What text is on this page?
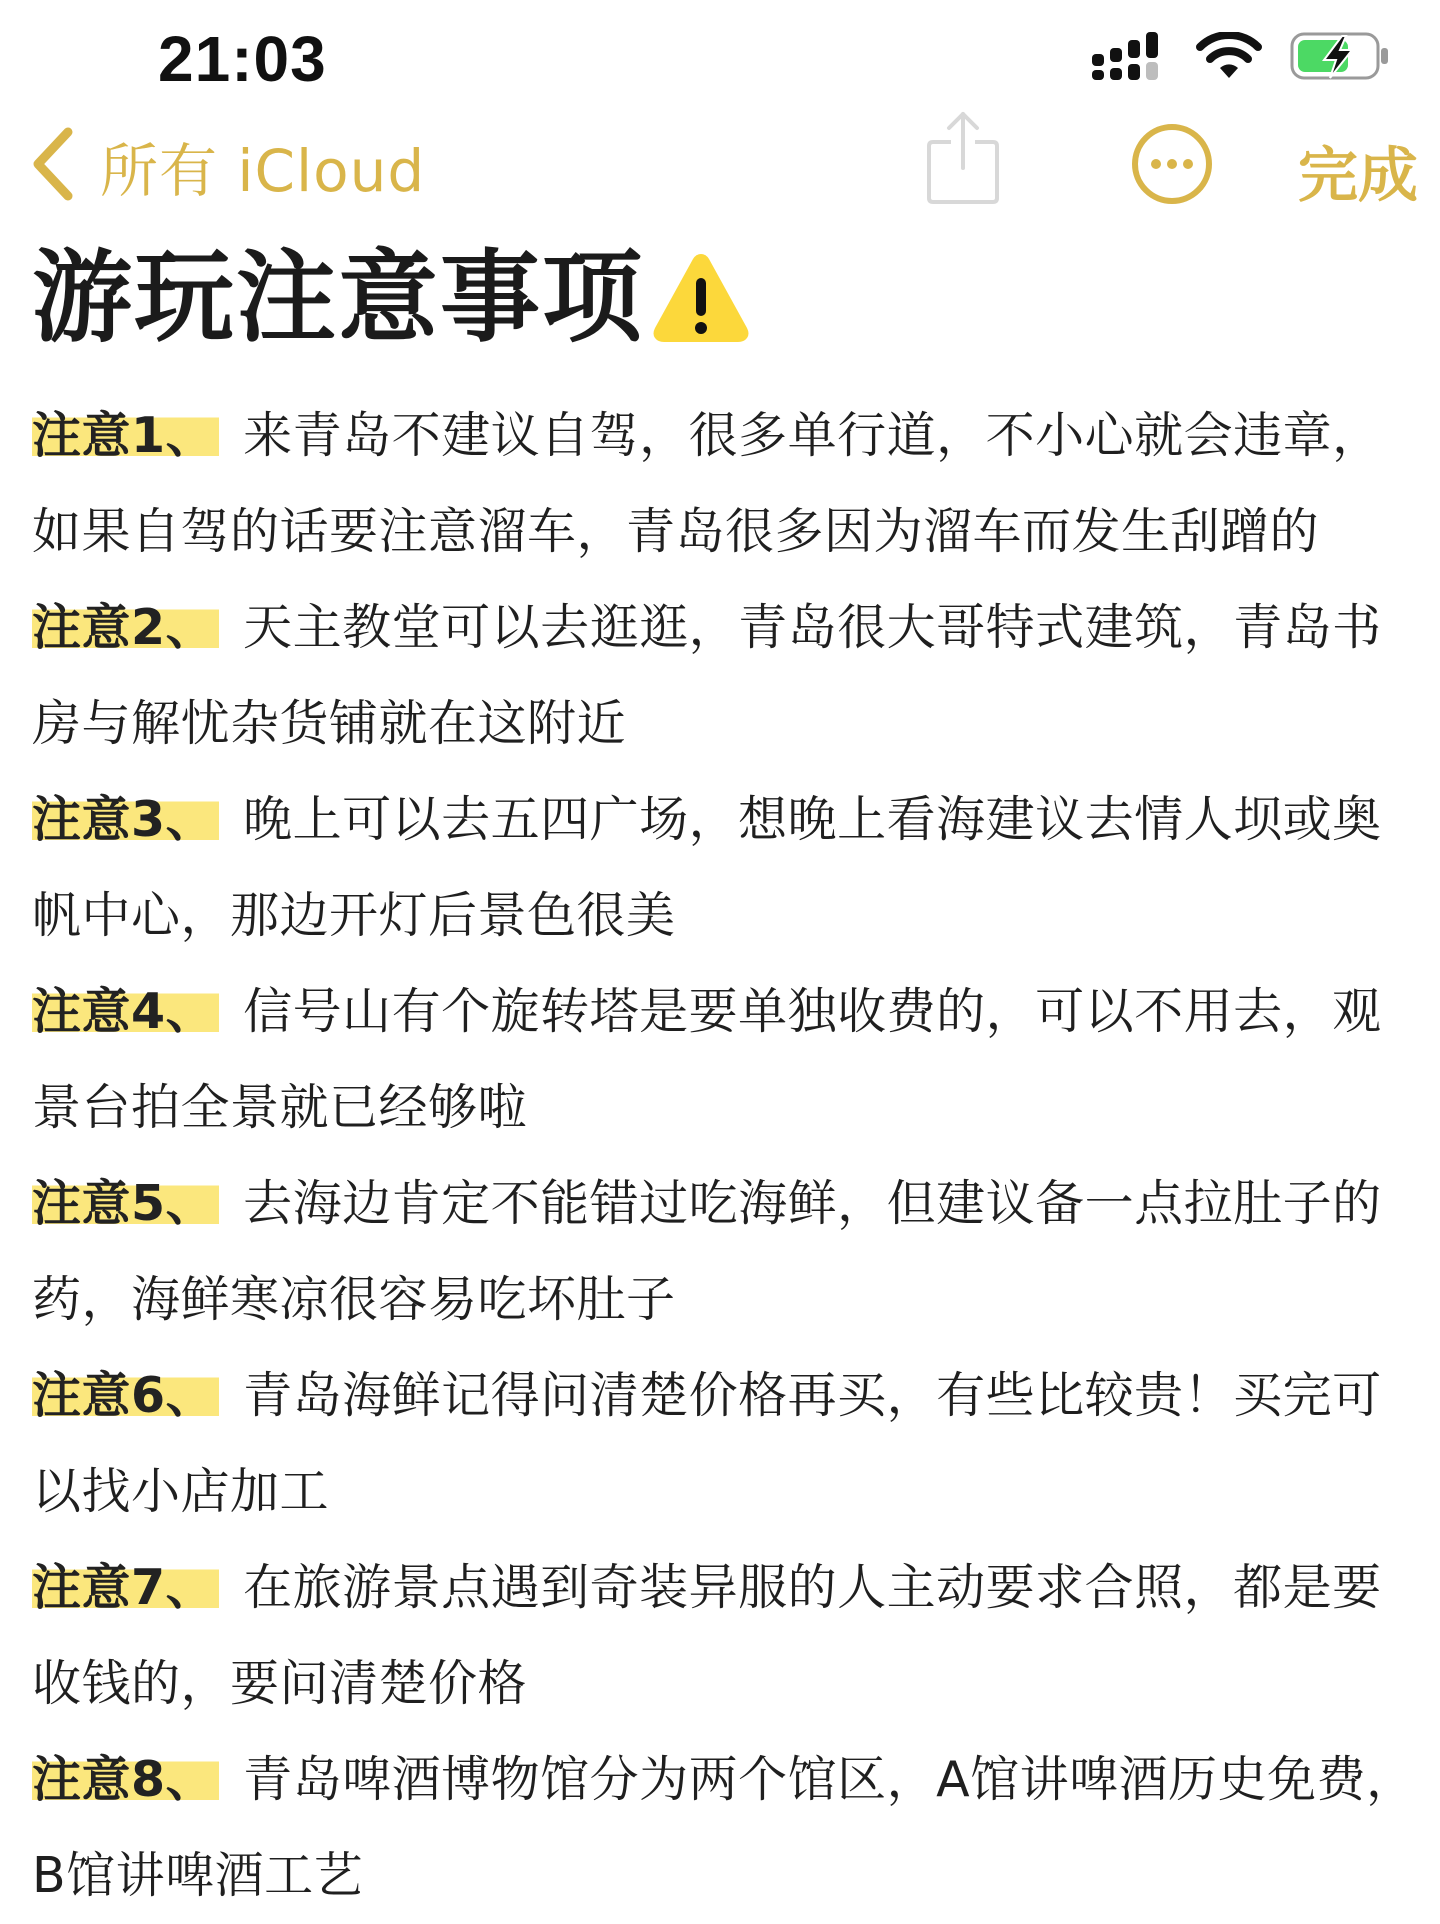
21:03
所有 iCloud	完成
游玩注意事项

注意1、 来青岛不建议自驾，很多单行道，不小心就会违章，如果自驾的话要注意溜车，青岛很多因为溜车而发生刮蹭的

注意2、 天主教堂可以去逛逛，青岛很大哥特式建筑，青岛书房与解忧杂货铺就在这附近

注意3、 晚上可以去五四广场，想晚上看海建议去情人坝或奥帆中心，那边开灯后景色很美

注意4、 信号山有个旋转塔是要单独收费的，可以不用去，观景台拍全景就已经够啦

注意5、 去海边肯定不能错过吃海鲜，但建议备一点拉肚子的药，海鲜寒凉很容易吃坏肚子

注意6、 青岛海鲜记得问清楚价格再买，有些比较贵！买完可以找小店加工

注意7、 在旅游景点遇到奇装异服的人主动要求合照，都是要收钱的，要问清楚价格

注意8、 青岛啤酒博物馆分为两个馆区，A馆讲啤酒历史免费，B馆讲啤酒工艺
